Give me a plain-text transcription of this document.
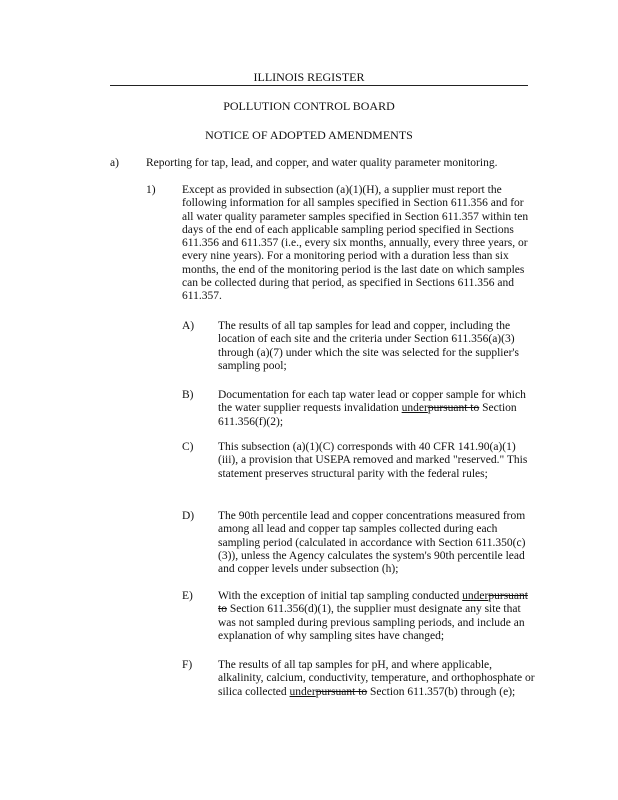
ILLINOIS REGISTER
POLLUTION CONTROL BOARD
NOTICE OF ADOPTED AMENDMENTS
a) Reporting for tap, lead, and copper, and water quality parameter monitoring.
1) Except as provided in subsection (a)(1)(H), a supplier must report the following information for all samples specified in Section 611.356 and for all water quality parameter samples specified in Section 611.357 within ten days of the end of each applicable sampling period specified in Sections 611.356 and 611.357 (i.e., every six months, annually, every three years, or every nine years). For a monitoring period with a duration less than six months, the end of the monitoring period is the last date on which samples can be collected during that period, as specified in Sections 611.356 and 611.357.
A) The results of all tap samples for lead and copper, including the location of each site and the criteria under Section 611.356(a)(3) through (a)(7) under which the site was selected for the supplier's sampling pool;
B) Documentation for each tap water lead or copper sample for which the water supplier requests invalidation underpursuant to Section 611.356(f)(2);
C) This subsection (a)(1)(C) corresponds with 40 CFR 141.90(a)(1)(iii), a provision that USEPA removed and marked "reserved." This statement preserves structural parity with the federal rules;
D) The 90th percentile lead and copper concentrations measured from among all lead and copper tap samples collected during each sampling period (calculated in accordance with Section 611.350(c)(3)), unless the Agency calculates the system's 90th percentile lead and copper levels under subsection (h);
E) With the exception of initial tap sampling conducted underpursuant to Section 611.356(d)(1), the supplier must designate any site that was not sampled during previous sampling periods, and include an explanation of why sampling sites have changed;
F) The results of all tap samples for pH, and where applicable, alkalinity, calcium, conductivity, temperature, and orthophosphate or silica collected underpursuant to Section 611.357(b) through (e);
